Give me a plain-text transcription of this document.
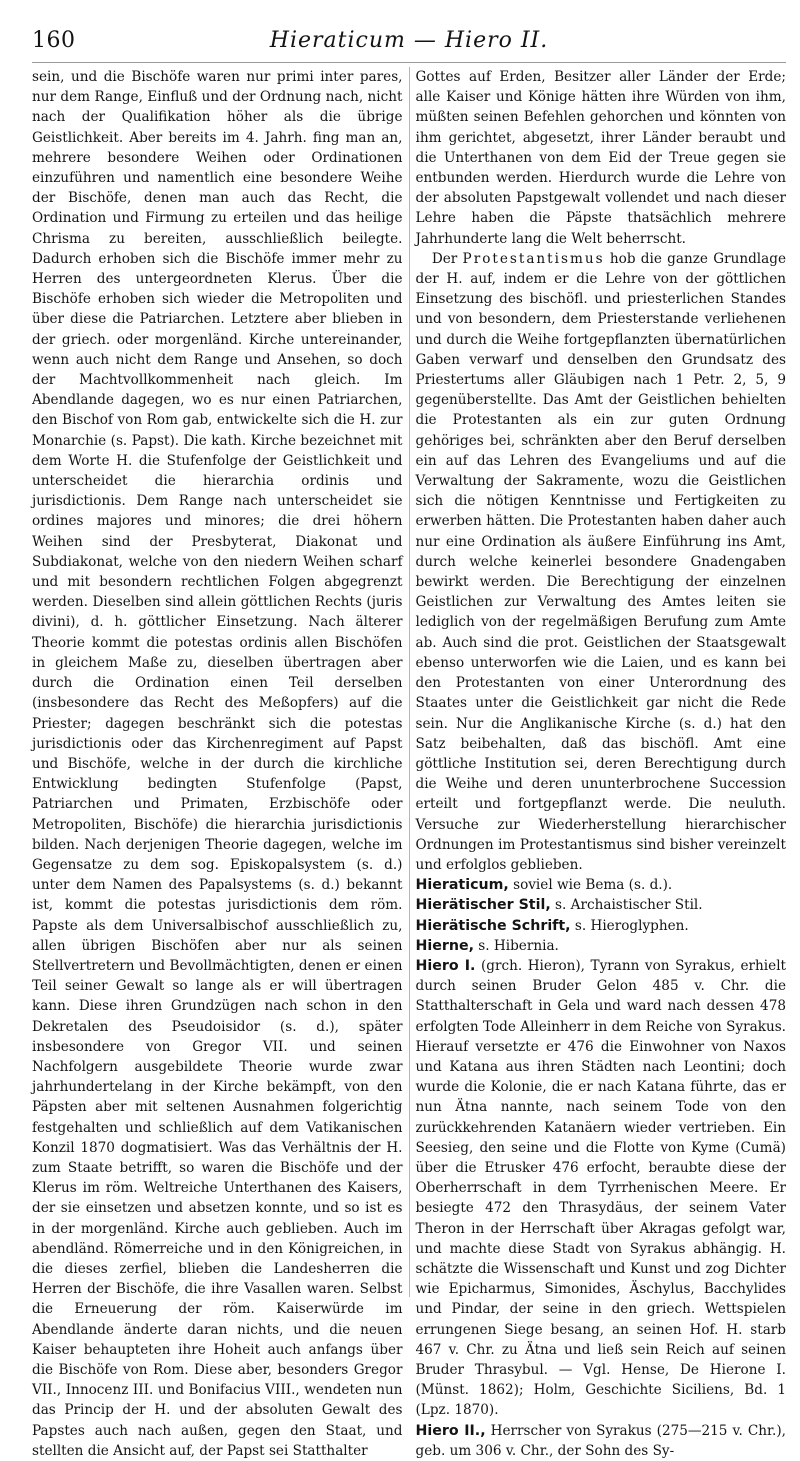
160	Hieraticum — Hiero II.

sein, und die Bischöfe waren nur primi inter pares, nur dem Range, Einfluß und der Ordnung nach, nicht nach der Qualifikation höher als die übrige Geistlichkeit. Aber bereits im 4. Jahrh. fing man an, mehrere besondere Weihen oder Ordinationen einzuführen und namentlich eine besondere Weihe der Bischöfe, denen man auch das Recht, die Ordination und Firmung zu erteilen und das heilige Chrisma zu bereiten, ausschließlich beilegte. Dadurch erhoben sich die Bischöfe immer mehr zu Herren des untergeordneten Klerus. Über die Bischöfe erhoben sich wieder die Metropoliten und über diese die Patriarchen. Letztere aber blieben in der griech. oder morgenländ. Kirche untereinander, wenn auch nicht dem Range und Ansehen, so doch der Machtvollkommenheit nach gleich. Im Abendlande dagegen, wo es nur einen Patriarchen, den Bischof von Rom gab, entwickelte sich die H. zur Monarchie (s. Papst). Die kath. Kirche bezeichnet mit dem Worte H. die Stufenfolge der Geistlichkeit und unterscheidet die hierarchia ordinis und jurisdictionis. Dem Range nach unterscheidet sie ordines majores und minores; die drei höhern Weihen sind der Presbyterat, Diakonat und Subdiakonat, welche von den niedern Weihen scharf und mit besondern rechtlichen Folgen abgegrenzt werden. Dieselben sind allein göttlichen Rechts (juris divini), d. h. göttlicher Einsetzung. Nach älterer Theorie kommt die potestas ordinis allen Bischöfen in gleichem Maße zu, dieselben übertragen aber durch die Ordination einen Teil derselben (insbesondere das Recht des Meßopfers) auf die Priester; dagegen beschränkt sich die potestas jurisdictionis oder das Kirchenregiment auf Papst und Bischöfe, welche in der durch die kirchliche Entwicklung bedingten Stufenfolge (Papst, Patriarchen und Primaten, Erzbischöfe oder Metropoliten, Bischöfe) die hierarchia jurisdictionis bilden. Nach derjenigen Theorie dagegen, welche im Gegensatze zu dem sog. Episkopalsystem (s. d.) unter dem Namen des Papalsystems (s. d.) bekannt ist, kommt die potestas jurisdictionis dem röm. Papste als dem Universalbischof ausschließlich zu, allen übrigen Bischöfen aber nur als seinen Stellvertretern und Bevollmächtigten, denen er einen Teil seiner Gewalt so lange als er will übertragen kann. Diese ihren Grundzügen nach schon in den Dekretalen des Pseudoisidor (s. d.), später insbesondere von Gregor VII. und seinen Nachfolgern ausgebildete Theorie wurde zwar jahrhundertelang in der Kirche bekämpft, von den Päpsten aber mit seltenen Ausnahmen folgerichtig festgehalten und schließlich auf dem Vatikanischen Konzil 1870 dogmatisiert. Was das Verhältnis der H. zum Staate betrifft, so waren die Bischöfe und der Klerus im röm. Weltreiche Unterthanen des Kaisers, der sie einsetzen und absetzen konnte, und so ist es in der morgenländ. Kirche auch geblieben. Auch im abendländ. Römerreiche und in den Königreichen, in die dieses zerfiel, blieben die Landesherren die Herren der Bischöfe, die ihre Vasallen waren. Selbst die Erneuerung der röm. Kaiserwürde im Abendlande änderte daran nichts, und die neuen Kaiser behaupteten ihre Hoheit auch anfangs über die Bischöfe von Rom. Diese aber, besonders Gregor VII., Innocenz III. und Bonifacius VIII., wendeten nun das Princip der H. und der absoluten Gewalt des Papstes auch nach außen, gegen den Staat, und stellten die Ansicht auf, der Papst sei Statthalter

Gottes auf Erden, Besitzer aller Länder der Erde; alle Kaiser und Könige hätten ihre Würden von ihm, müßten seinen Befehlen gehorchen und könnten von ihm gerichtet, abgesetzt, ihrer Länder beraubt und die Unterthanen von dem Eid der Treue gegen sie entbunden werden. Hierdurch wurde die Lehre von der absoluten Papstgewalt vollendet und nach dieser Lehre haben die Päpste thatsächlich mehrere Jahrhunderte lang die Welt beherrscht.

Der Protestantismus hob die ganze Grundlage der H. auf, indem er die Lehre von der göttlichen Einsetzung des bischöfl. und priesterlichen Standes und von besondern, dem Priesterstande verliehenen und durch die Weihe fortgepflanzten übernatürlichen Gaben verwarf und denselben den Grundsatz des Priestertums aller Gläubigen nach 1 Petr. 2, 5, 9 gegenüberstellte. Das Amt der Geistlichen behielten die Protestanten als ein zur guten Ordnung gehöriges bei, schränkten aber den Beruf derselben ein auf das Lehren des Evangeliums und auf die Verwaltung der Sakramente, wozu die Geistlichen sich die nötigen Kenntnisse und Fertigkeiten zu erwerben hätten. Die Protestanten haben daher auch nur eine Ordination als äußere Einführung ins Amt, durch welche keinerlei besondere Gnadengaben bewirkt werden. Die Berechtigung der einzelnen Geistlichen zur Verwaltung des Amtes leiten sie lediglich von der regelmäßigen Berufung zum Amte ab. Auch sind die prot. Geistlichen der Staatsgewalt ebenso unterworfen wie die Laien, und es kann bei den Protestanten von einer Unterordnung des Staates unter die Geistlichkeit gar nicht die Rede sein. Nur die Anglikanische Kirche (s. d.) hat den Satz beibehalten, daß das bischöfl. Amt eine göttliche Institution sei, deren Berechtigung durch die Weihe und deren ununterbrochene Succession erteilt und fortgepflanzt werde. Die neuluth. Versuche zur Wiederherstellung hierarchischer Ordnungen im Protestantismus sind bisher vereinzelt und erfolglos geblieben.

Hieraticum, soviel wie Bema (s. d.).

Hierätischer Stil, s. Archaistischer Stil.

Hierätische Schrift, s. Hieroglyphen.

Hierne, s. Hibernia.

Hiero I. (grch. Hieron), Tyrann von Syrakus, erhielt durch seinen Bruder Gelon 485 v. Chr. die Statthalterschaft in Gela und ward nach dessen 478 erfolgten Tode Alleinherr in dem Reiche von Syrakus. Hierauf versetzte er 476 die Einwohner von Naxos und Katana aus ihren Städten nach Leontini; doch wurde die Kolonie, die er nach Katana führte, das er nun Ätna nannte, nach seinem Tode von den zurückkehrenden Katanäern wieder vertrieben. Ein Seesieg, den seine und die Flotte von Kyme (Cumä) über die Etrusker 476 erfocht, beraubte diese der Oberherrschaft in dem Tyrrhenischen Meere. Er besiegte 472 den Thrasydäus, der seinem Vater Theron in der Herrschaft über Akragas gefolgt war, und machte diese Stadt von Syrakus abhängig. H. schätzte die Wissenschaft und Kunst und zog Dichter wie Epicharmus, Simonides, Äschylus, Bacchylides und Pindar, der seine in den griech. Wettspielen errungenen Siege besang, an seinen Hof. H. starb 467 v. Chr. zu Ätna und ließ sein Reich auf seinen Bruder Thrasybul. — Vgl. Hense, De Hierone I. (Münst. 1862); Holm, Geschichte Siciliens, Bd. 1 (Lpz. 1870).

Hiero II., Herrscher von Syrakus (275—215 v. Chr.), geb. um 306 v. Chr., der Sohn des Sy-
